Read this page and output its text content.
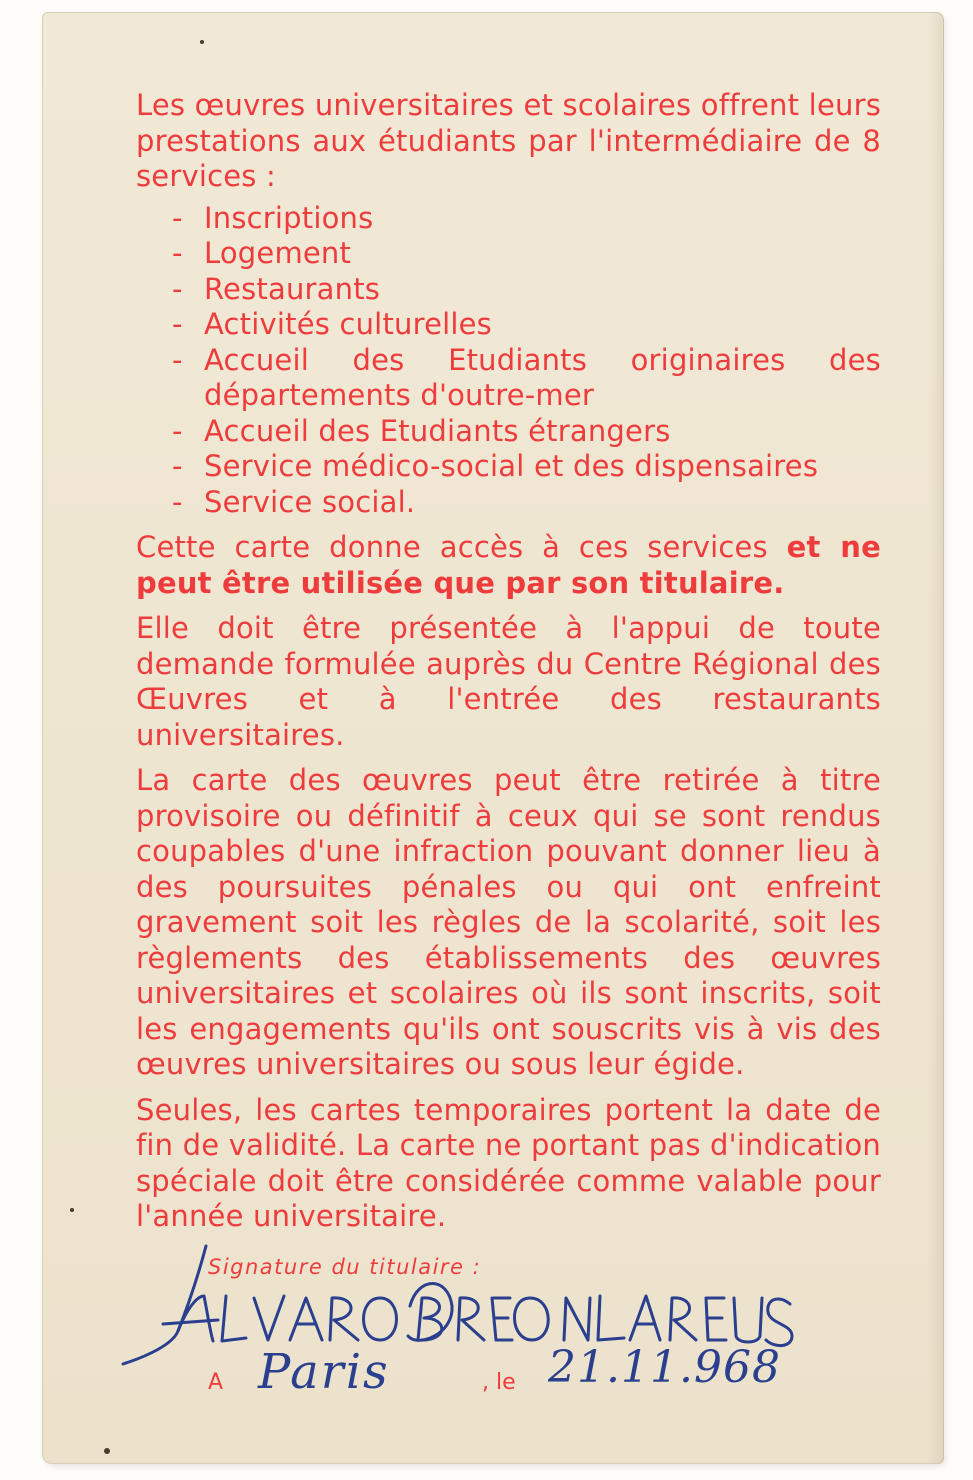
Les œuvres universitaires et scolaires offrent leurs prestations aux étudiants par l'intermédiaire de 8 services :

- Inscriptions
- Logement
- Restaurants
- Activités culturelles
- Accueil des Etudiants originaires des départements d'outre-mer
- Accueil des Etudiants étrangers
- Service médico-social et des dispensaires
- Service social.

Cette carte donne accès à ces services et ne peut être utilisée que par son titulaire.

Elle doit être présentée à l'appui de toute demande formulée auprès du Centre Régional des Œuvres et à l'entrée des restaurants universitaires.

La carte des œuvres peut être retirée à titre provisoire ou définitif à ceux qui se sont rendus coupables d'une infraction pouvant donner lieu à des poursuites pénales ou qui ont enfreint gravement soit les règles de la scolarité, soit les règlements des établissements des œuvres universitaires et scolaires où ils sont inscrits, soit les engagements qu'ils ont souscrits vis à vis des œuvres universitaires ou sous leur égide.

Seules, les cartes temporaires portent la date de fin de validité. La carte ne portant pas d'indication spéciale doit être considérée comme valable pour l'année universitaire.

Signature du titulaire :
A Paris	, le 21.11.968
